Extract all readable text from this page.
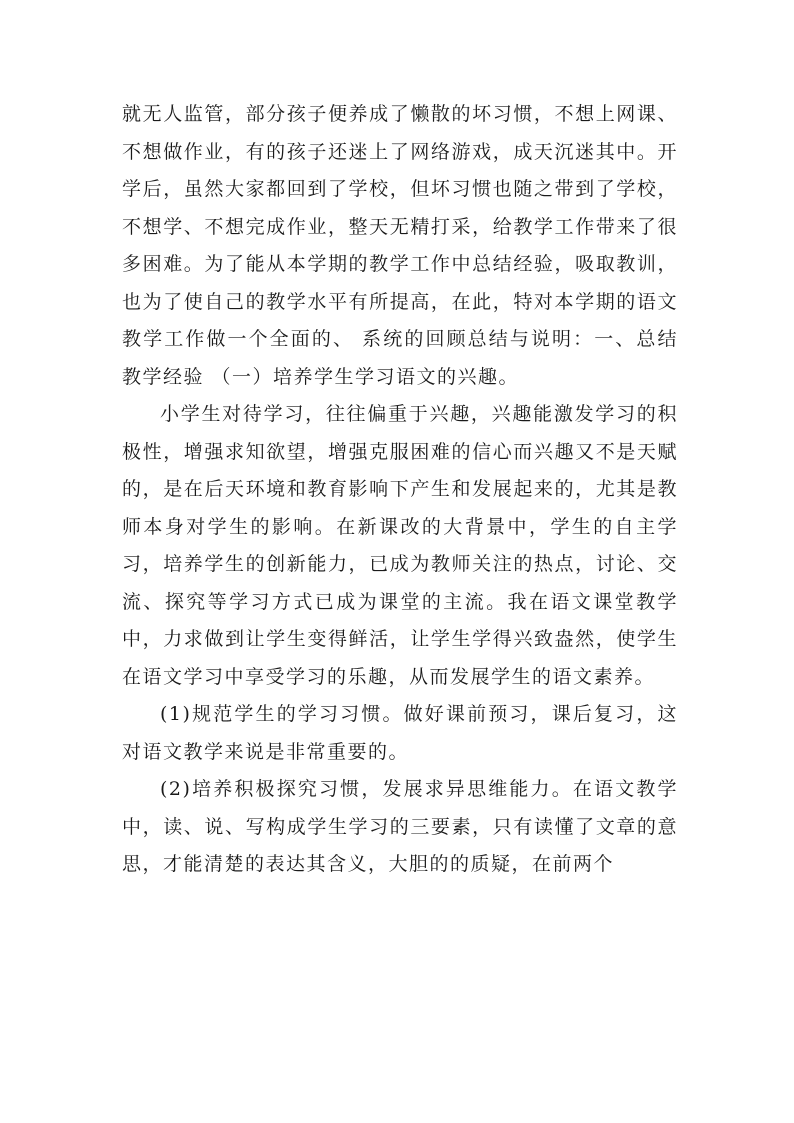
就无人监管，部分孩子便养成了懒散的坏习惯，不想上网课、不想做作业，有的孩子还迷上了网络游戏，成天沉迷其中。开学后，虽然大家都回到了学校，但坏习惯也随之带到了学校，不想学、不想完成作业，整天无精打采，给教学工作带来了很多困难。为了能从本学期的教学工作中总结经验，吸取教训，也为了使自己的教学水平有所提高，在此，特对本学期的语文教学工作做一个全面的、 系统的回顾总结与说明：一、总结教学经验 （一）培养学生学习语文的兴趣。

小学生对待学习，往往偏重于兴趣，兴趣能激发学习的积极性，增强求知欲望，增强克服困难的信心而兴趣又不是天赋的，是在后天环境和教育影响下产生和发展起来的，尤其是教师本身对学生的影响。在新课改的大背景中，学生的自主学习，培养学生的创新能力，已成为教师关注的热点，讨论、交流、探究等学习方式已成为课堂的主流。我在语文课堂教学中，力求做到让学生变得鲜活，让学生学得兴致盎然，使学生在语文学习中享受学习的乐趣，从而发展学生的语文素养。

(1)规范学生的学习习惯。做好课前预习，课后复习，这对语文教学来说是非常重要的。

(2)培养积极探究习惯，发展求异思维能力。在语文教学中，读、说、写构成学生学习的三要素，只有读懂了文章的意思，才能清楚的表达其含义，大胆的的质疑，在前两个
